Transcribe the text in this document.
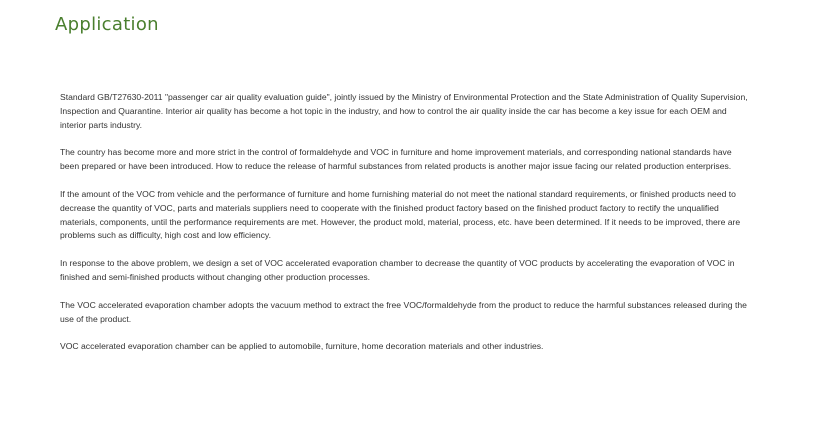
Application

Standard GB/T27630-2011 "passenger car air quality evaluation guide", jointly issued by the Ministry of Environmental Protection and the State Administration of Quality Supervision, Inspection and Quarantine. Interior air quality has become a hot topic in the industry, and how to control the air quality inside the car has become a key issue for each OEM and interior parts industry.

The country has become more and more strict in the control of formaldehyde and VOC in furniture and home improvement materials, and corresponding national standards have been prepared or have been introduced. How to reduce the release of harmful substances from related products is another major issue facing our related production enterprises.

If the amount of the VOC from vehicle and the performance of furniture and home furnishing material do not meet the national standard requirements, or finished products need to decrease the quantity of VOC, parts and materials suppliers need to cooperate with the finished product factory based on the finished product factory to rectify the unqualified materials, components, until the performance requirements are met. However, the product mold, material, process, etc. have been determined. If it needs to be improved, there are problems such as difficulty, high cost and low efficiency.

In response to the above problem, we design a set of VOC accelerated evaporation chamber to decrease the quantity of VOC products by accelerating the evaporation of VOC in finished and semi-finished products without changing other production processes.

The VOC accelerated evaporation chamber adopts the vacuum method to extract the free VOC/formaldehyde from the product to reduce the harmful substances released during the use of the product.

VOC accelerated evaporation chamber can be applied to automobile, furniture, home decoration materials and other industries.
